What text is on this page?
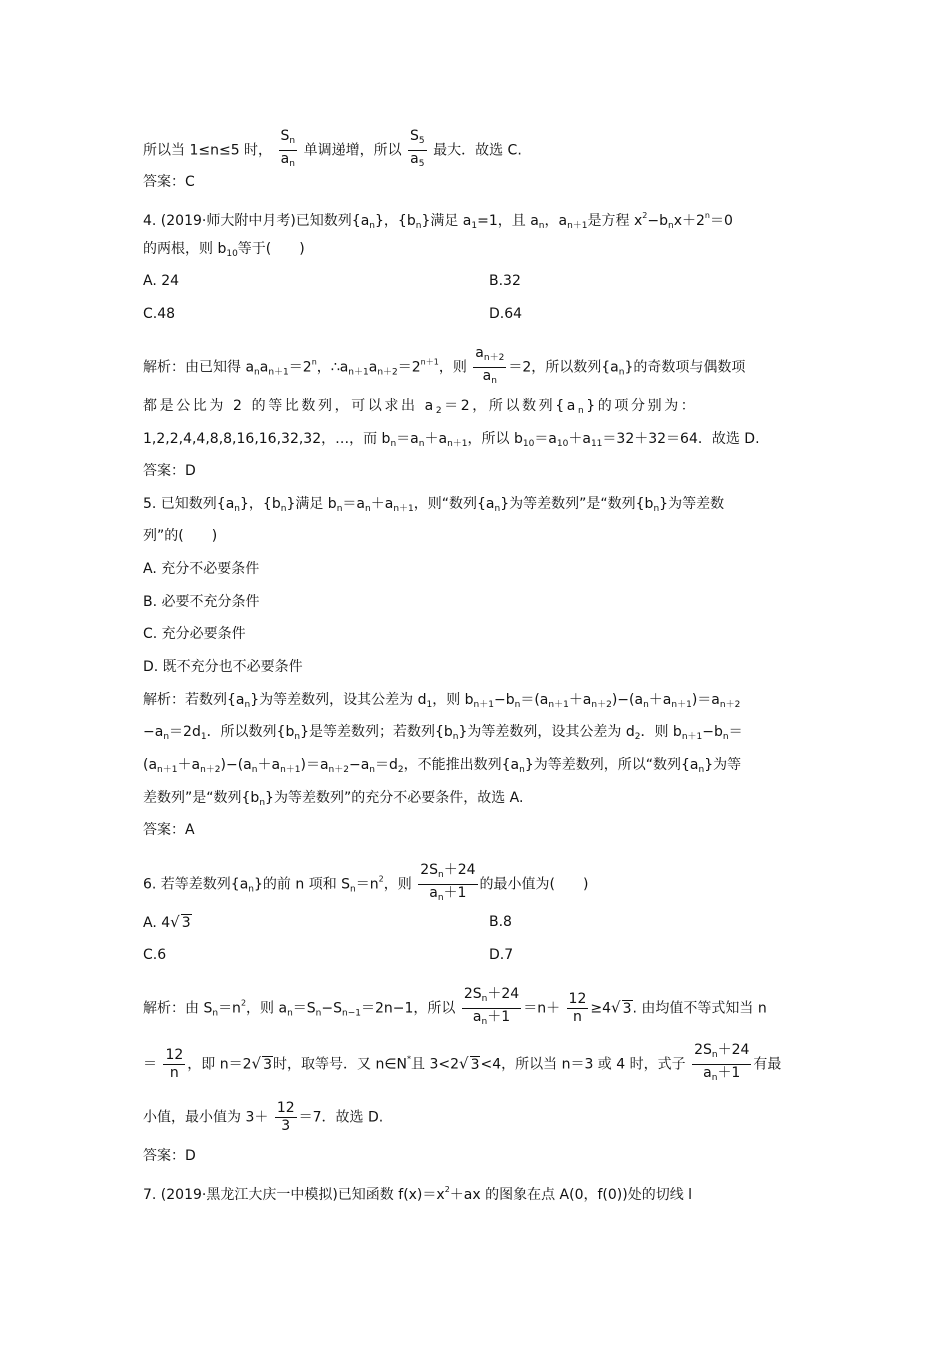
所以当 1≤n≤5 时， $\frac{S_n}{a_n}$ 单调递增，所以 $\frac{S_5}{a_5}$ 最大．故选 C.
答案：C
4. (2019·师大附中月考)已知数列$\{a_n\}$，$\{b_n\}$满足 $a_1=1$，且 $a_n$，$a_{n+1}$是方程 $x^2-b_nx+2^n=0$
的两根，则 $b_{10}$等于(　　)
A. 24	B.32
C.48	D.64
解析：由已知得 $a_na_{n+1}=2^n$，$\therefore a_{n+1}a_{n+2}=2^{n+1}$，则 $\frac{a_{n+2}}{a_n} =2$，所以数列$\{a_n\}$的奇数项与偶数项
都是公比为 2 的等比数列，可以求出 $a_2=2$，所以数列$\{a_n\}$的项分别为：
1,2,2,4,4,8,8,16,16,32,32，…，而 $b_n=a_n+a_{n+1}$，所以 $b_{10}=a_{10}+a_{11}=32+32=64$．故选 D.
答案：D
5. 已知数列$\{a_n\}$，$\{b_n\}$满足 $b_n=a_n+a_{n+1}$，则“数列$\{a_n\}$为等差数列”是“数列$\{b_n\}$为等差数
列”的(　　)
A. 充分不必要条件
B. 必要不充分条件
C. 充分必要条件
D. 既不充分也不必要条件
解析：若数列$\{a_n\}$为等差数列，设其公差为 $d_1$，则 $b_{n+1}-b_n=(a_{n+1}+a_{n+2})-(a_n+a_{n+1})=a_{n+2}$
$-a_n=2d_1$．所以数列$\{b_n\}$是等差数列；若数列$\{b_n\}$为等差数列，设其公差为 $d_2$．则 $b_{n+1}-b_n=$
$(a_{n+1}+a_{n+2})-(a_n+a_{n+1})=a_{n+2}-a_n=d_2$，不能推出数列$\{a_n\}$为等差数列，所以“数列$\{a_n\}$为等
差数列”是“数列$\{b_n\}$为等差数列”的充分不必要条件，故选 A.
答案：A
6. 若等差数列$\{a_n\}$的前 n 项和 $S_n=n^2$，则 $\frac{2S_n+24}{a_n+1}$ 的最小值为(　　)
A. 4√ 3	B.8
C.6	D.7
解析：由 $S_n=n^2$，则 $a_n=S_n-S_{n-1}=2n-1$，所以 $\frac{2S_n+24}{a_n+1} =n+ \frac{12}{n} \ge 4√$ 3. 由均值不等式知当 n
＝ $\frac{12}{n}$ ，即 n＝2√ 3时，取等号．又 n∈N*且 3<2√ 3<4，所以当 n＝3 或 4 时，式子 $\frac{2S_n+24}{a_n+1}$ 有最
小值，最小值为 $3+ \frac{12}{3} =7$．故选 D.
答案：D
7. (2019·黑龙江大庆一中模拟)已知函数 $f(x)=x^2+ax$ 的图象在点 A(0，f(0))处的切线 l
